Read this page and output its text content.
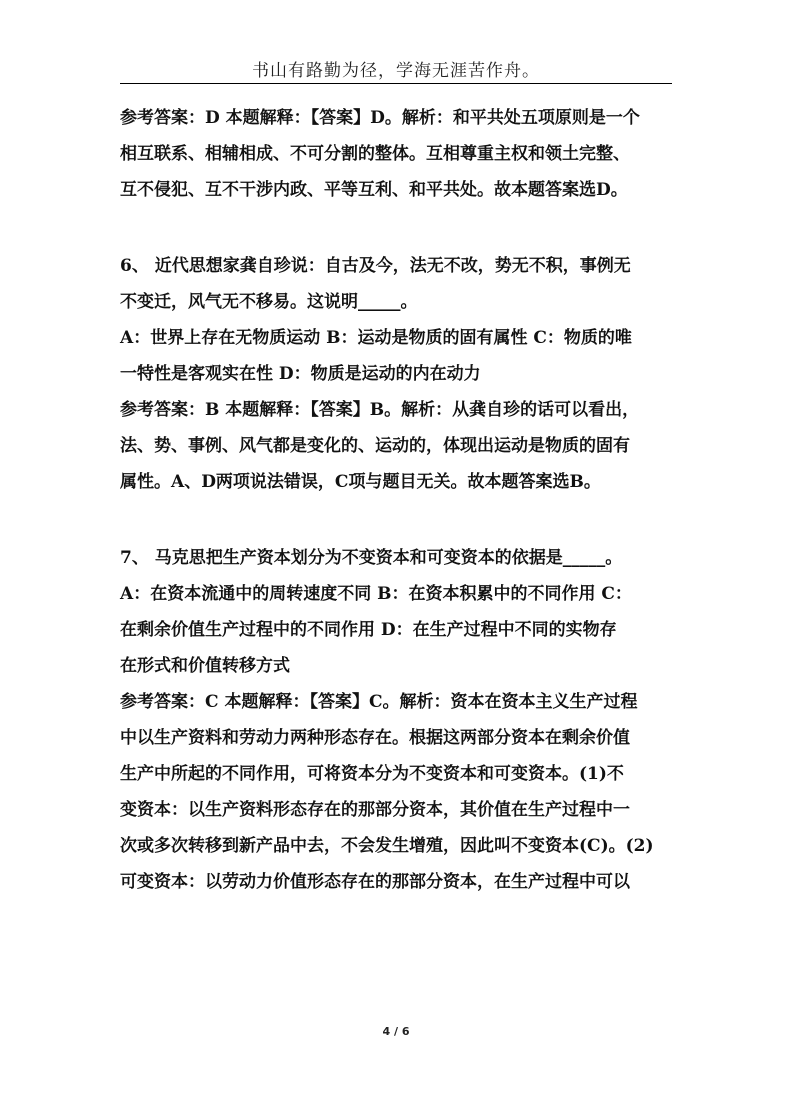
书山有路勤为径，学海无涯苦作舟。
参考答案：D 本题解释：【答案】D。解析：和平共处五项原则是一个
相互联系、相辅相成、不可分割的整体。互相尊重主权和领土完整、
互不侵犯、互不干涉内政、平等互利、和平共处。故本题答案选D。
6、 近代思想家龚自珍说：自古及今，法无不改，势无不积，事例无
不变迁，风气无不移易。这说明_____。
A：世界上存在无物质运动 B：运动是物质的固有属性 C：物质的唯
一特性是客观实在性 D：物质是运动的内在动力
参考答案：B 本题解释：【答案】B。解析：从龚自珍的话可以看出，
法、势、事例、风气都是变化的、运动的，体现出运动是物质的固有
属性。A、D两项说法错误，C项与题目无关。故本题答案选B。
7、 马克思把生产资本划分为不变资本和可变资本的依据是_____。
A：在资本流通中的周转速度不同 B：在资本积累中的不同作用 C：
在剩余价值生产过程中的不同作用 D：在生产过程中不同的实物存
在形式和价值转移方式
参考答案：C 本题解释：【答案】C。解析：资本在资本主义生产过程
中以生产资料和劳动力两种形态存在。根据这两部分资本在剩余价值
生产中所起的不同作用，可将资本分为不变资本和可变资本。(1)不
变资本：以生产资料形态存在的那部分资本，其价值在生产过程中一
次或多次转移到新产品中去，不会发生增殖，因此叫不变资本(C)。(2)
可变资本：以劳动力价值形态存在的那部分资本，在生产过程中可以
4 / 6
